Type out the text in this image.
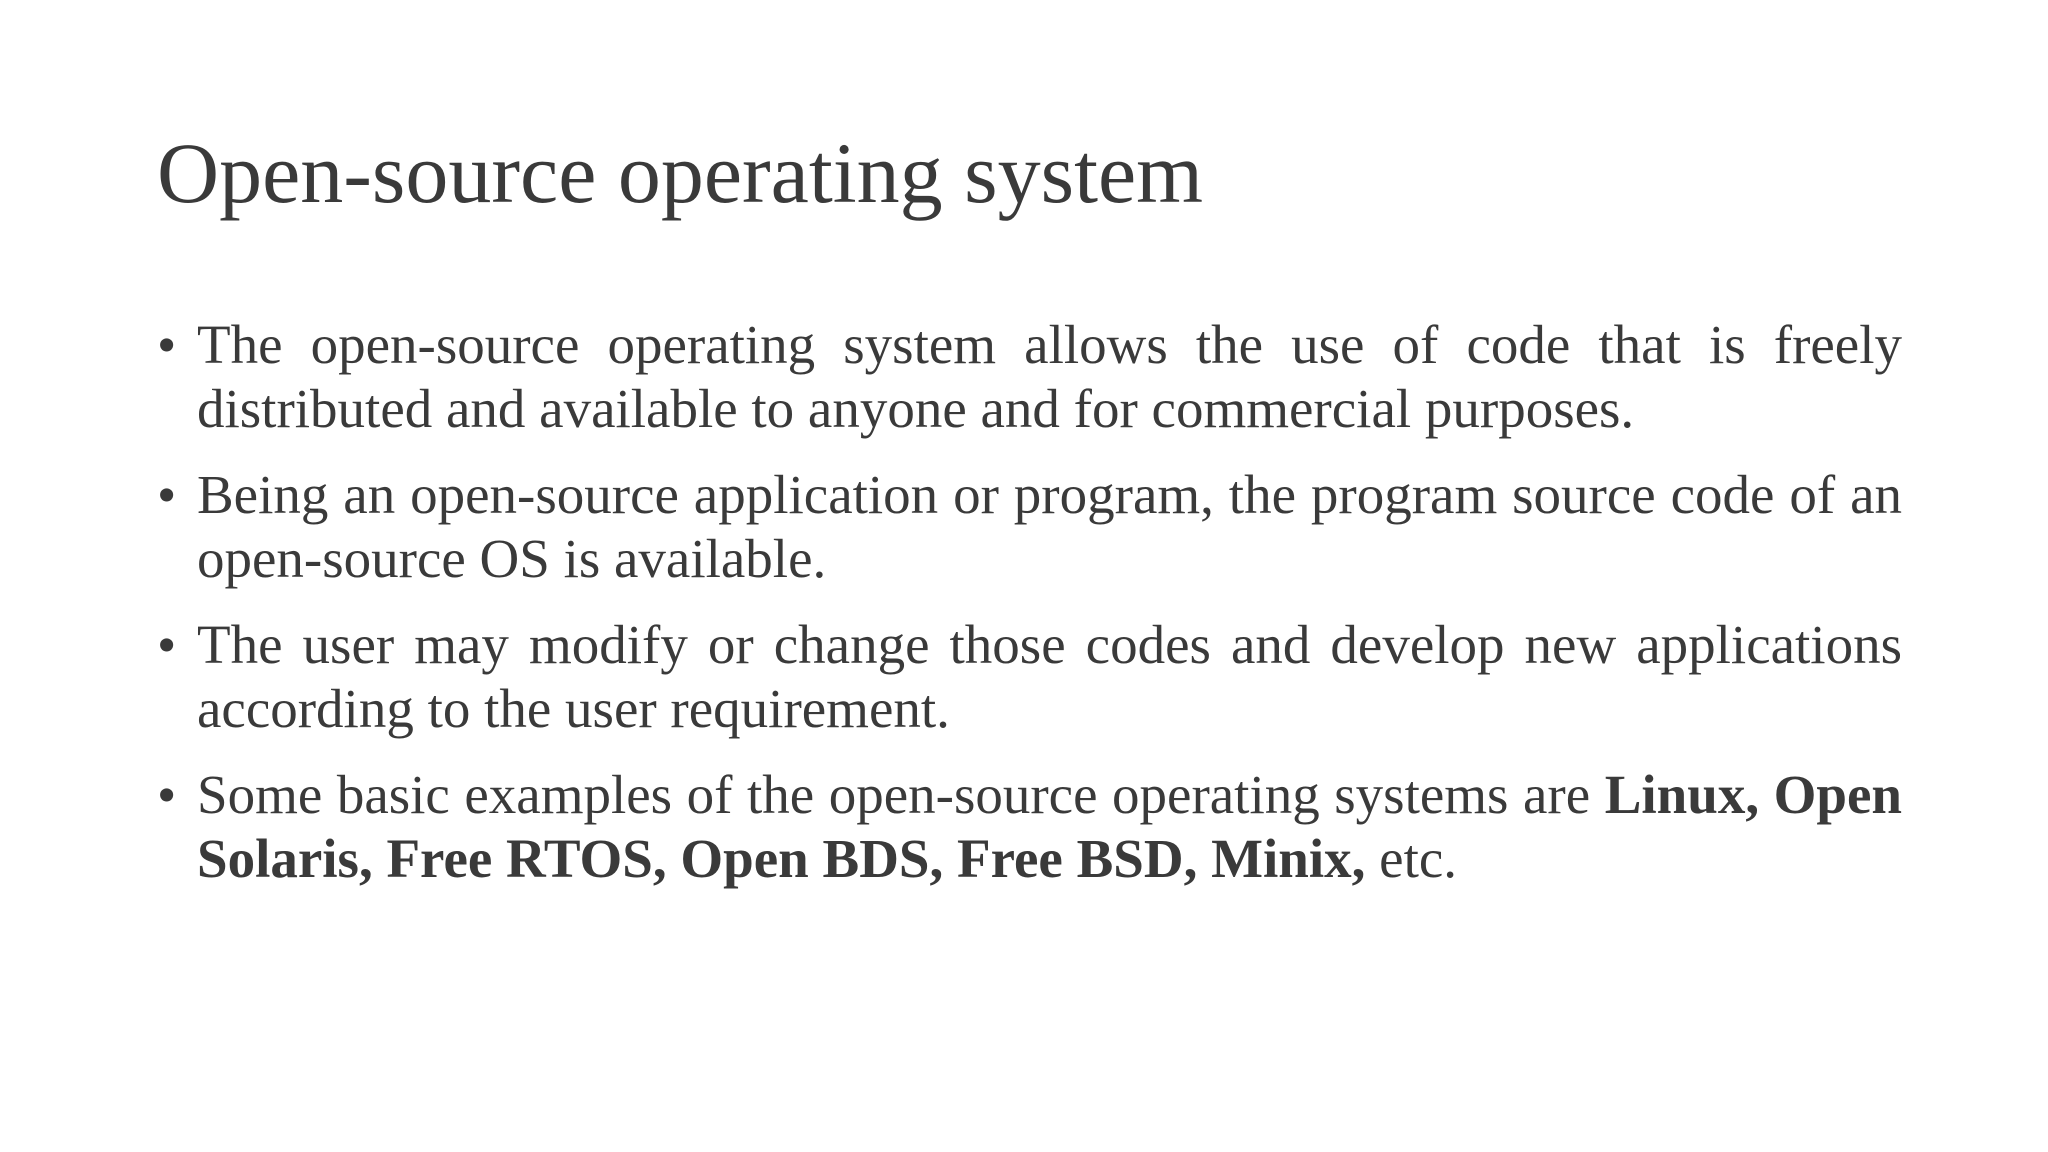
Open-source operating system
• The open-source operating system allows the use of code that is freely distributed and available to anyone and for commercial purposes.
• Being an open-source application or program, the program source code of an open-source OS is available.
• The user may modify or change those codes and develop new applications according to the user requirement.
• Some basic examples of the open-source operating systems are Linux, Open Solaris, Free RTOS, Open BDS, Free BSD, Minix, etc.
